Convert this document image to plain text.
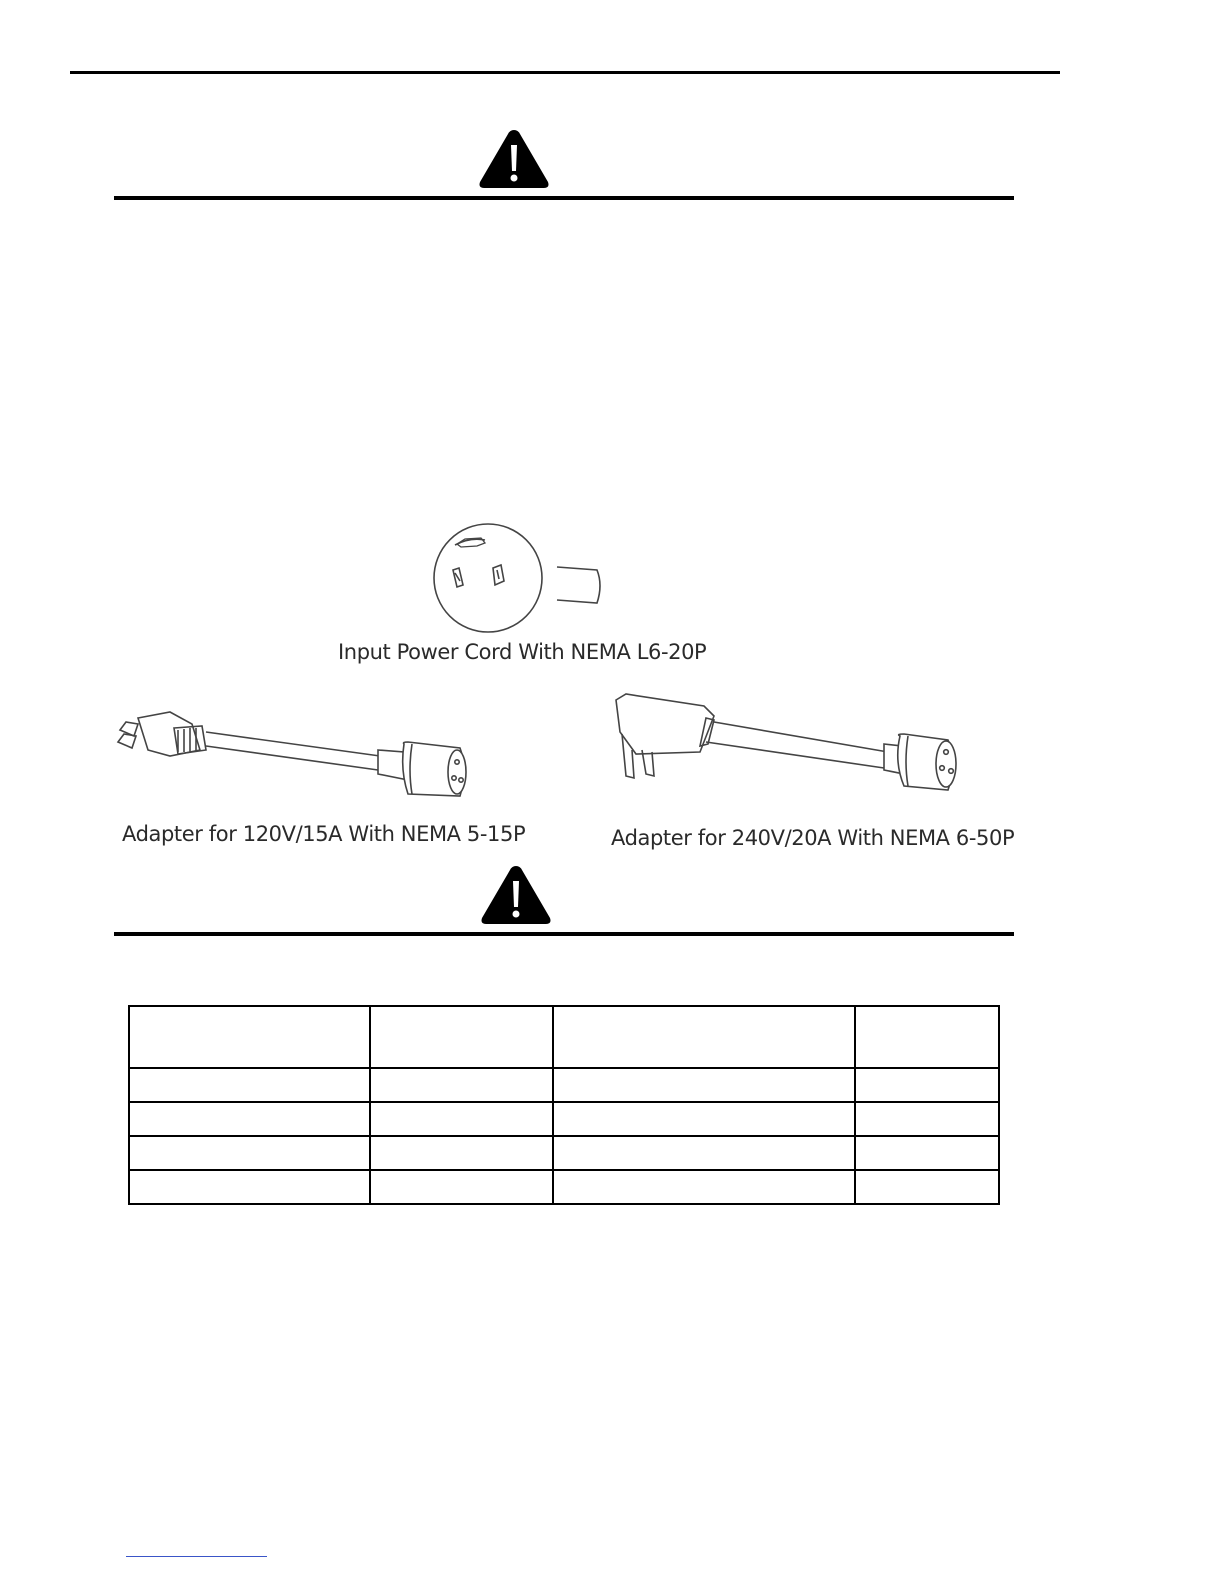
Input Power Cord With NEMA L6-20P
Adapter for 120V/15A With NEMA 5-15P	Adapter for 240V/20A With NEMA 6-50P
